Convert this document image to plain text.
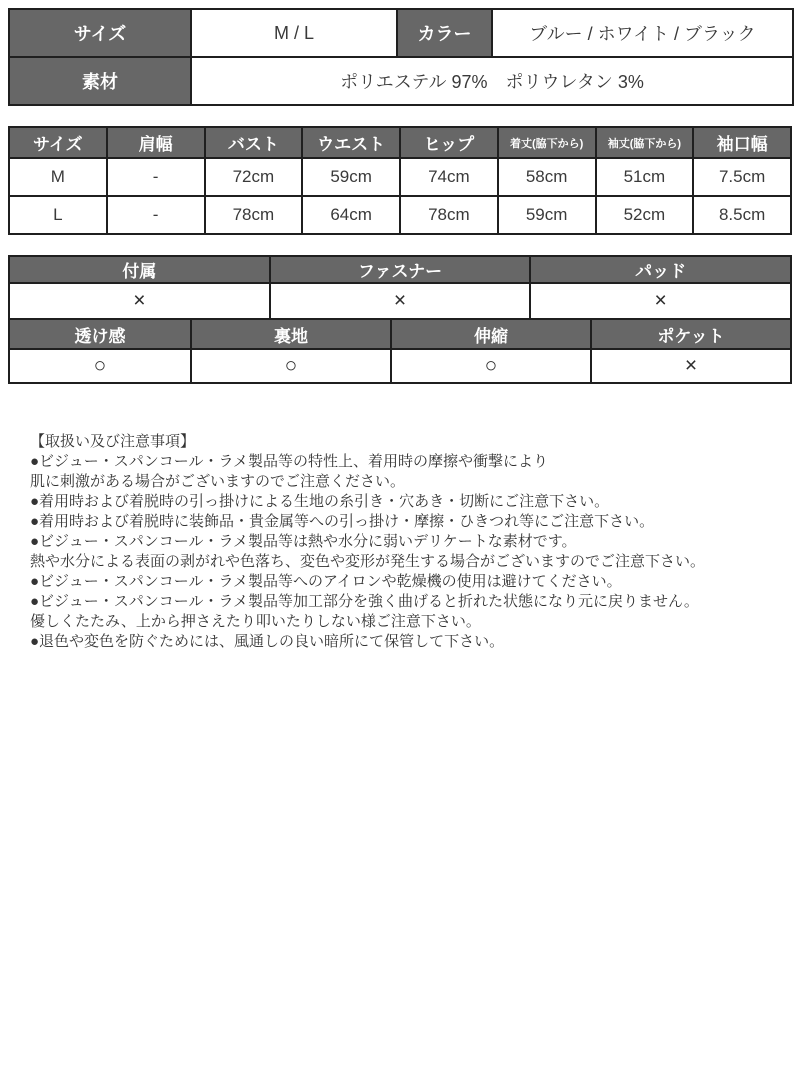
サイズ	M / L	カラー	ブルー / ホワイト / ブラック
素材	ポリエステル 97%　ポリウレタン 3%		
サイズ	肩幅	バスト	ウエスト	ヒップ	着丈(脇下から)	袖丈(脇下から)	袖口幅
M	-	72cm	59cm	74cm	58cm	51cm	7.5cm
L	-	78cm	64cm	78cm	59cm	52cm	8.5cm
付属	ファスナー	パッド
×	×	×
透け感	裏地	伸縮	ポケット
○	○	○	×
【取扱い及び注意事項】
●ビジュー・スパンコール・ラメ製品等の特性上、着用時の摩擦や衝撃により
肌に刺激がある場合がございますのでご注意ください。
●着用時および着脱時の引っ掛けによる生地の糸引き・穴あき・切断にご注意下さい。
●着用時および着脱時に装飾品・貴金属等への引っ掛け・摩擦・ひきつれ等にご注意下さい。
●ビジュー・スパンコール・ラメ製品等は熱や水分に弱いデリケートな素材です。
熱や水分による表面の剥がれや色落ち、変色や変形が発生する場合がございますのでご注意下さい。
●ビジュー・スパンコール・ラメ製品等へのアイロンや乾燥機の使用は避けてください。
●ビジュー・スパンコール・ラメ製品等加工部分を強く曲げると折れた状態になり元に戻りません。
優しくたたみ、上から押さえたり叩いたりしない様ご注意下さい。
●退色や変色を防ぐためには、風通しの良い暗所にて保管して下さい。
